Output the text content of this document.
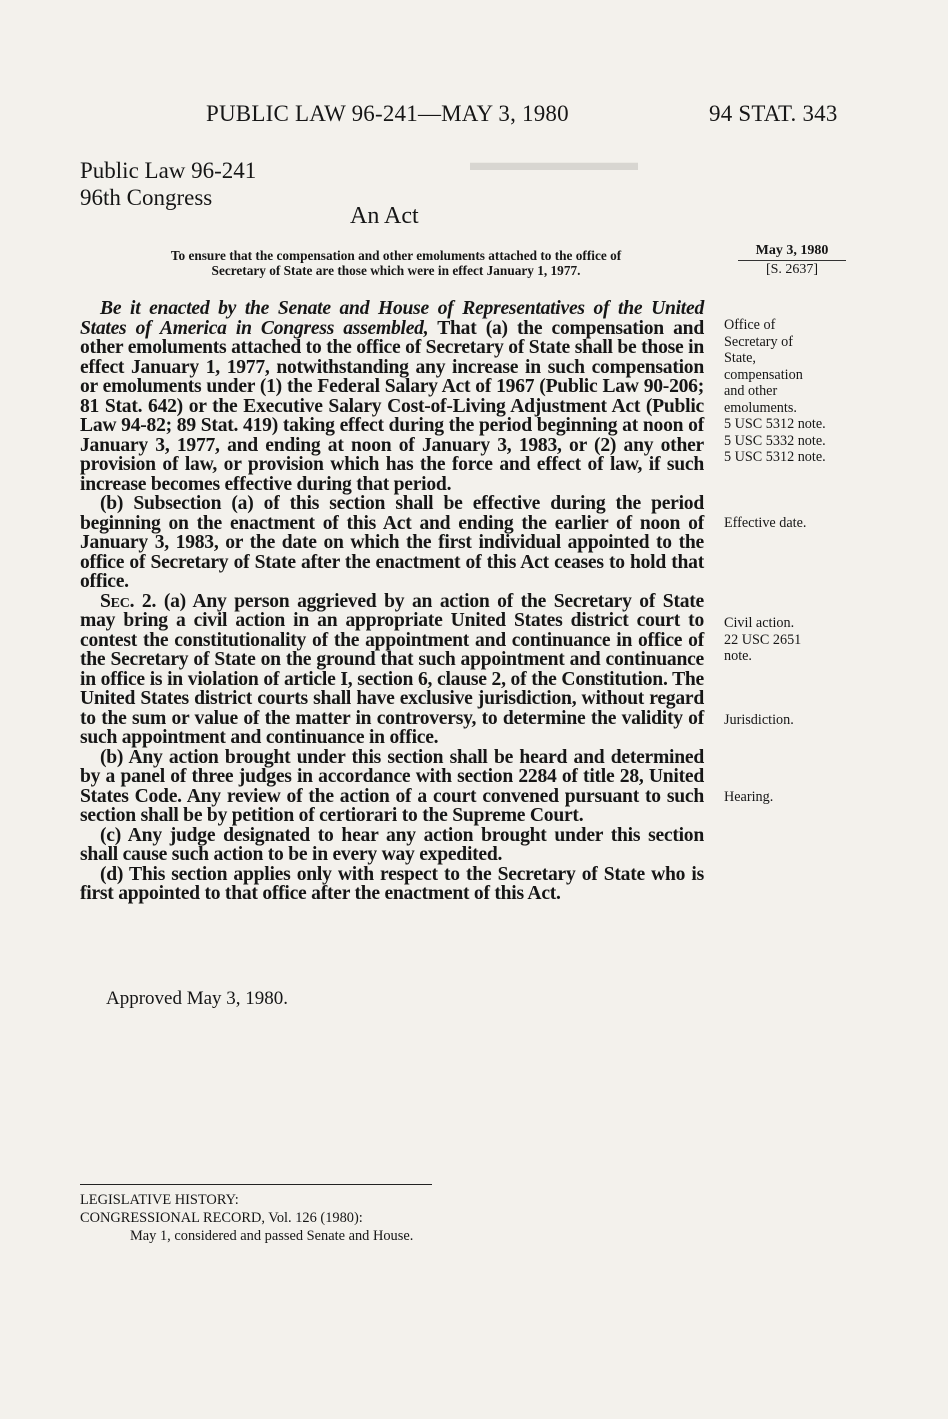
▬▬▬▬▬▬▬
PUBLIC LAW 96-241—MAY 3, 1980	94 STAT. 343
Public Law 96-241
96th Congress
An Act
To ensure that the compensation and other emoluments attached to the office of
Secretary of State are those which were in effect January 1, 1977.
May 3, 1980
[S. 2637]

Be it enacted by the Senate and House of Representatives of the United States of America in Congress assembled, That (a) the compensation and other emoluments attached to the office of Secretary of State shall be those in effect January 1, 1977, notwithstanding any increase in such compensation or emoluments under (1) the Federal Salary Act of 1967 (Public Law 90-206; 81 Stat. 642) or the Executive Salary Cost-of-Living Adjustment Act (Public Law 94-82; 89 Stat. 419) taking effect during the period beginning at noon of January 3, 1977, and ending at noon of January 3, 1983, or (2) any other provision of law, or provision which has the force and effect of law, if such increase becomes effective during that period.

(b) Subsection (a) of this section shall be effective during the period beginning on the enactment of this Act and ending the earlier of noon of January 3, 1983, or the date on which the first individual appointed to the office of Secretary of State after the enactment of this Act ceases to hold that office.

Sec. 2. (a) Any person aggrieved by an action of the Secretary of State may bring a civil action in an appropriate United States district court to contest the constitutionality of the appointment and continuance in office of the Secretary of State on the ground that such appointment and continuance in office is in violation of article I, section 6, clause 2, of the Constitution. The United States district courts shall have exclusive jurisdiction, without regard to the sum or value of the matter in controversy, to determine the validity of such appointment and continuance in office.

(b) Any action brought under this section shall be heard and determined by a panel of three judges in accordance with section 2284 of title 28, United States Code. Any review of the action of a court convened pursuant to such section shall be by petition of certiorari to the Supreme Court.

(c) Any judge designated to hear any action brought under this section shall cause such action to be in every way expedited.

(d) This section applies only with respect to the Secretary of State who is first appointed to that office after the enactment of this Act.

Approved May 3, 1980.
Office of
Secretary of
State,
compensation
and other
emoluments.
5 USC 5312 note.
5 USC 5332 note.
5 USC 5312 note.
Effective date.
Civil action.
22 USC 2651
note.
Jurisdiction.
Hearing.
LEGISLATIVE HISTORY:
CONGRESSIONAL RECORD, Vol. 126 (1980):
May 1, considered and passed Senate and House.
